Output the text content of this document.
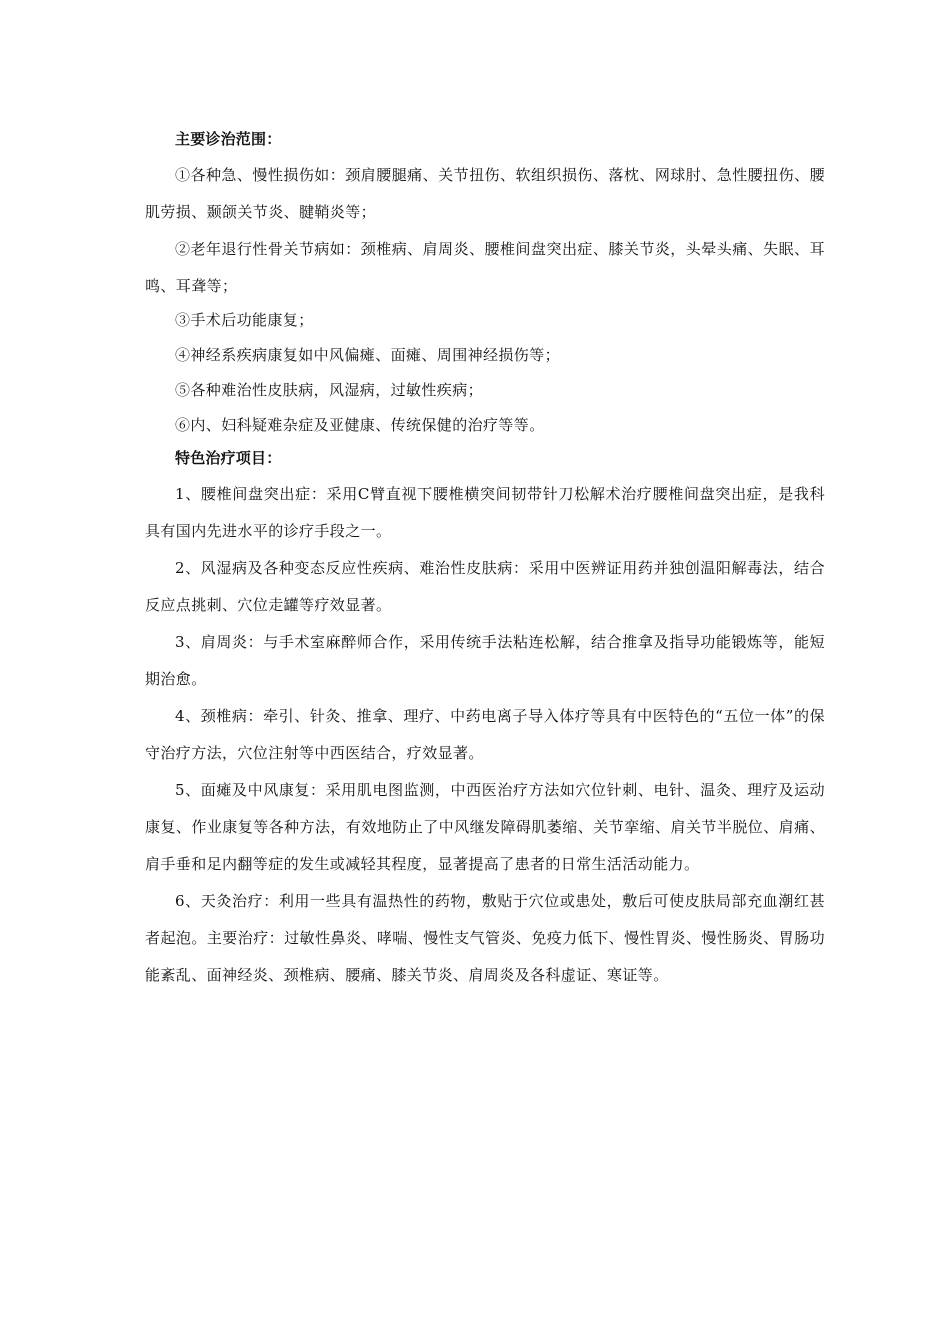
主要诊治范围：

①各种急、慢性损伤如：颈肩腰腿痛、关节扭伤、软组织损伤、落枕、网球肘、急性腰扭伤、腰肌劳损、颞颌关节炎、腱鞘炎等；

②老年退行性骨关节病如：颈椎病、肩周炎、腰椎间盘突出症、膝关节炎，头晕头痛、失眠、耳鸣、耳聋等；

③手术后功能康复；

④神经系疾病康复如中风偏瘫、面瘫、周围神经损伤等；

⑤各种难治性皮肤病，风湿病，过敏性疾病；

⑥内、妇科疑难杂症及亚健康、传统保健的治疗等等。

特色治疗项目：

1、腰椎间盘突出症：采用C臂直视下腰椎横突间韧带针刀松解术治疗腰椎间盘突出症，是我科具有国内先进水平的诊疗手段之一。

2、风湿病及各种变态反应性疾病、难治性皮肤病：采用中医辨证用药并独创温阳解毒法，结合反应点挑刺、穴位走罐等疗效显著。

3、肩周炎：与手术室麻醉师合作，采用传统手法粘连松解，结合推拿及指导功能锻炼等，能短期治愈。

4、颈椎病：牵引、针灸、推拿、理疗、中药电离子导入体疗等具有中医特色的“五位一体”的保守治疗方法，穴位注射等中西医结合，疗效显著。

5、面瘫及中风康复：采用肌电图监测，中西医治疗方法如穴位针刺、电针、温灸、理疗及运动康复、作业康复等各种方法，有效地防止了中风继发障碍肌萎缩、关节挛缩、肩关节半脱位、肩痛、肩手垂和足内翻等症的发生或减轻其程度，显著提高了患者的日常生活活动能力。

6、天灸治疗：利用一些具有温热性的药物，敷贴于穴位或患处，敷后可使皮肤局部充血潮红甚者起泡。主要治疗：过敏性鼻炎、哮喘、慢性支气管炎、免疫力低下、慢性胃炎、慢性肠炎、胃肠功能紊乱、面神经炎、颈椎病、腰痛、膝关节炎、肩周炎及各科虚证、寒证等。
